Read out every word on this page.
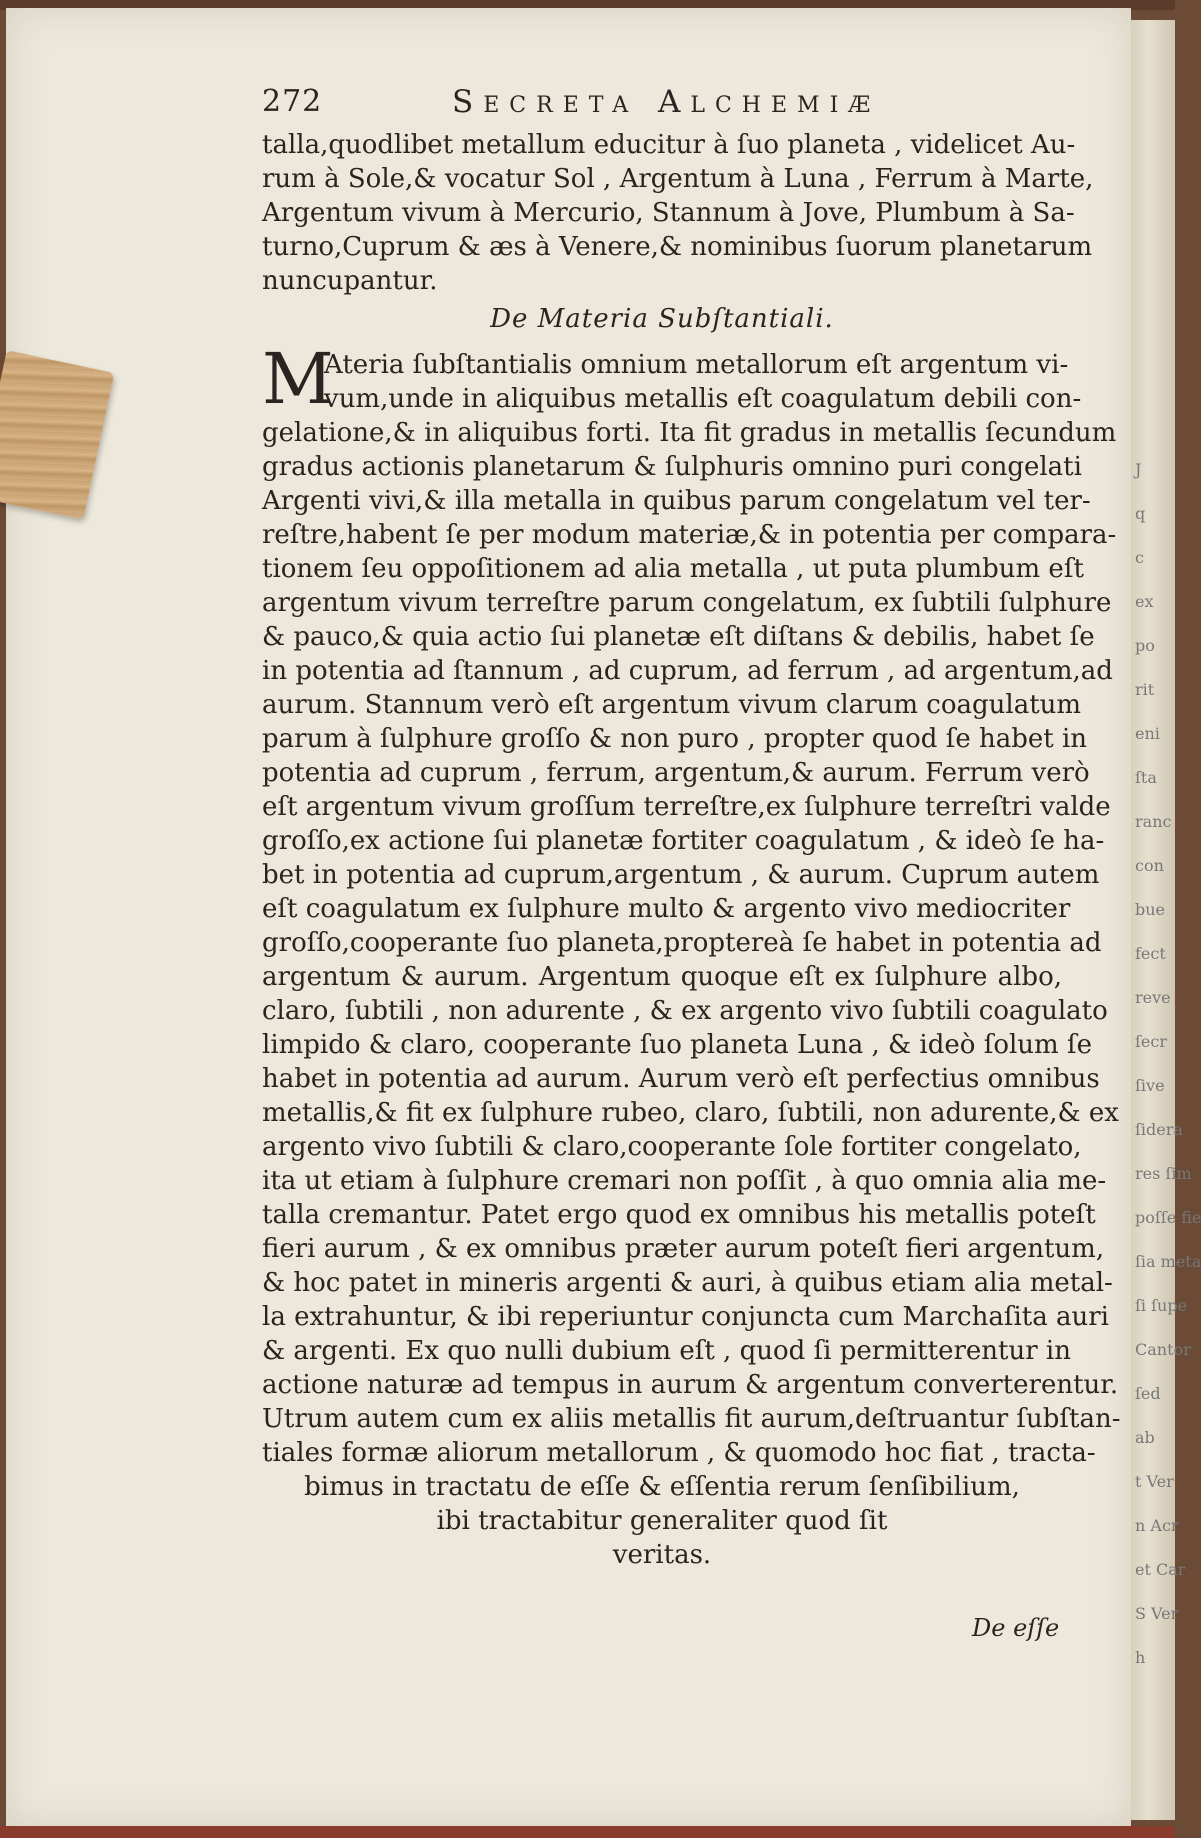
J
q
c
ex
po
rit
eni
ſta
ranc
con
bue
fect
reve
ſecr
ſive
ſidera
res ſim
poſſe fie
ſia meta
ſi ſupe
Cantor
ſed
ab
t Ver
n Acr
et Car
S Ver
h
272	Secreta Alchemiæ
talla,quodlibet metallum educitur à ſuo planeta , videlicet Au-
rum à Sole,& vocatur Sol , Argentum à Luna , Ferrum à Marte,
Argentum vivum à Mercurio, Stannum à Jove, Plumbum à Sa-
turno,Cuprum & æs à Venere,& nominibus ſuorum planetarum
nuncupantur.
De Materia Subſtantiali.
M
Ateria ſubſtantialis omnium metallorum eſt argentum vi-
vum,unde in aliquibus metallis eſt coagulatum debili con-
gelatione,& in aliquibus forti. Ita fit gradus in metallis ſecundum
gradus actionis planetarum & ſulphuris omnino puri congelati
Argenti vivi,& illa metalla in quibus parum congelatum vel ter-
reſtre,habent ſe per modum materiæ,& in potentia per compara-
tionem ſeu oppoſitionem ad alia metalla , ut puta plumbum eſt
argentum vivum terreſtre parum congelatum, ex ſubtili ſulphure
& pauco,& quia actio ſui planetæ eſt diſtans & debilis, habet ſe
in potentia ad ſtannum , ad cuprum, ad ferrum , ad argentum,ad
aurum. Stannum verò eſt argentum vivum clarum coagulatum
parum à ſulphure groſſo & non puro , propter quod ſe habet in
potentia ad cuprum , ferrum, argentum,& aurum. Ferrum verò
eſt argentum vivum groſſum terreſtre,ex ſulphure terreſtri valde
groſſo,ex actione ſui planetæ fortiter coagulatum , & ideò ſe ha-
bet in potentia ad cuprum,argentum , & aurum. Cuprum autem
eſt coagulatum ex ſulphure multo & argento vivo mediocriter
groſſo,cooperante ſuo planeta,proptereà ſe habet in potentia ad
argentum & aurum. Argentum quoque eſt ex ſulphure albo,
claro, ſubtili , non adurente , & ex argento vivo ſubtili coagulato
limpido & claro, cooperante ſuo planeta Luna , & ideò ſolum ſe
habet in potentia ad aurum. Aurum verò eſt perfectius omnibus
metallis,& fit ex ſulphure rubeo, claro, ſubtili, non adurente,& ex
argento vivo ſubtili & claro,cooperante ſole fortiter congelato,
ita ut etiam à ſulphure cremari non poſſit , à quo omnia alia me-
talla cremantur. Patet ergo quod ex omnibus his metallis poteſt
fieri aurum , & ex omnibus præter aurum poteſt fieri argentum,
& hoc patet in mineris argenti & auri, à quibus etiam alia metal-
la extrahuntur, & ibi reperiuntur conjuncta cum Marchaſita auri
& argenti. Ex quo nulli dubium eſt , quod ſi permitterentur in
actione naturæ ad tempus in aurum & argentum converterentur.
Utrum autem cum ex aliis metallis fit aurum,deſtruantur ſubſtan-
tiales formæ aliorum metallorum , & quomodo hoc fiat , tracta-
bimus in tractatu de eſſe & eſſentia rerum ſenſibilium,
ibi tractabitur generaliter quod ſit
veritas.
De eſſe
